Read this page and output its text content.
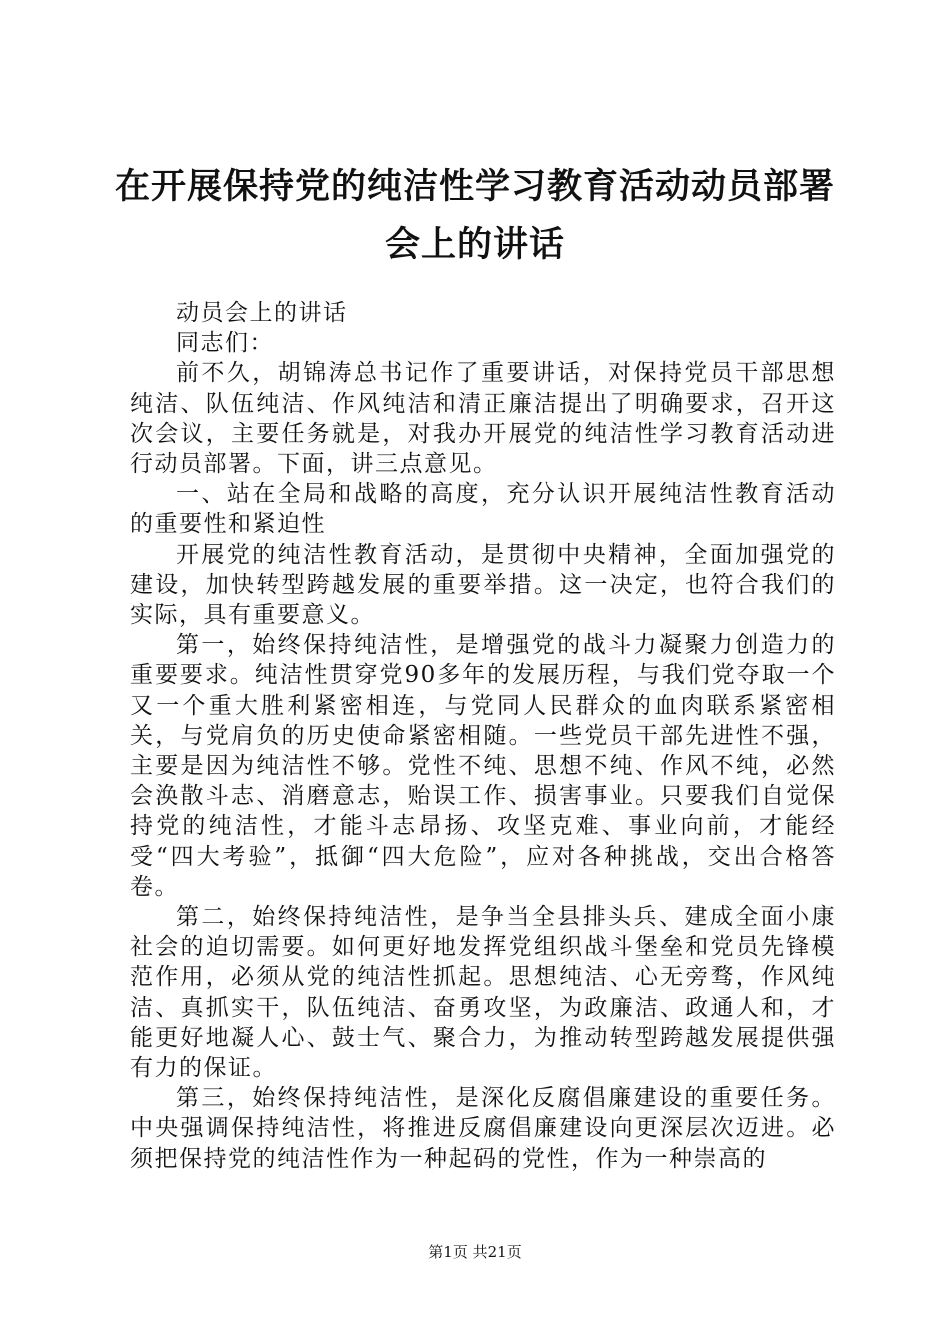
在开展保持党的纯洁性学习教育活动动员部署会上的讲话

动员会上的讲话

同志们：

前不久，胡锦涛总书记作了重要讲话，对保持党员干部思想纯洁、队伍纯洁、作风纯洁和清正廉洁提出了明确要求，召开这次会议，主要任务就是，对我办开展党的纯洁性学习教育活动进行动员部署。下面，讲三点意见。

一、站在全局和战略的高度，充分认识开展纯洁性教育活动的重要性和紧迫性

开展党的纯洁性教育活动，是贯彻中央精神，全面加强党的建设，加快转型跨越发展的重要举措。这一决定，也符合我们的实际，具有重要意义。

第一，始终保持纯洁性，是增强党的战斗力凝聚力创造力的重要要求。纯洁性贯穿党90多年的发展历程，与我们党夺取一个又一个重大胜利紧密相连，与党同人民群众的血肉联系紧密相关，与党肩负的历史使命紧密相随。一些党员干部先进性不强，主要是因为纯洁性不够。党性不纯、思想不纯、作风不纯，必然会涣散斗志、消磨意志，贻误工作、损害事业。只要我们自觉保持党的纯洁性，才能斗志昂扬、攻坚克难、事业向前，才能经受“四大考验”，抵御“四大危险”，应对各种挑战，交出合格答卷。

第二，始终保持纯洁性，是争当全县排头兵、建成全面小康社会的迫切需要。如何更好地发挥党组织战斗堡垒和党员先锋模范作用，必须从党的纯洁性抓起。思想纯洁、心无旁骛，作风纯洁、真抓实干，队伍纯洁、奋勇攻坚，为政廉洁、政通人和，才能更好地凝人心、鼓士气、聚合力，为推动转型跨越发展提供强有力的保证。

第三，始终保持纯洁性，是深化反腐倡廉建设的重要任务。中央强调保持纯洁性，将推进反腐倡廉建设向更深层次迈进。必须把保持党的纯洁性作为一种起码的党性，作为一种崇高的

第1页 共21页
